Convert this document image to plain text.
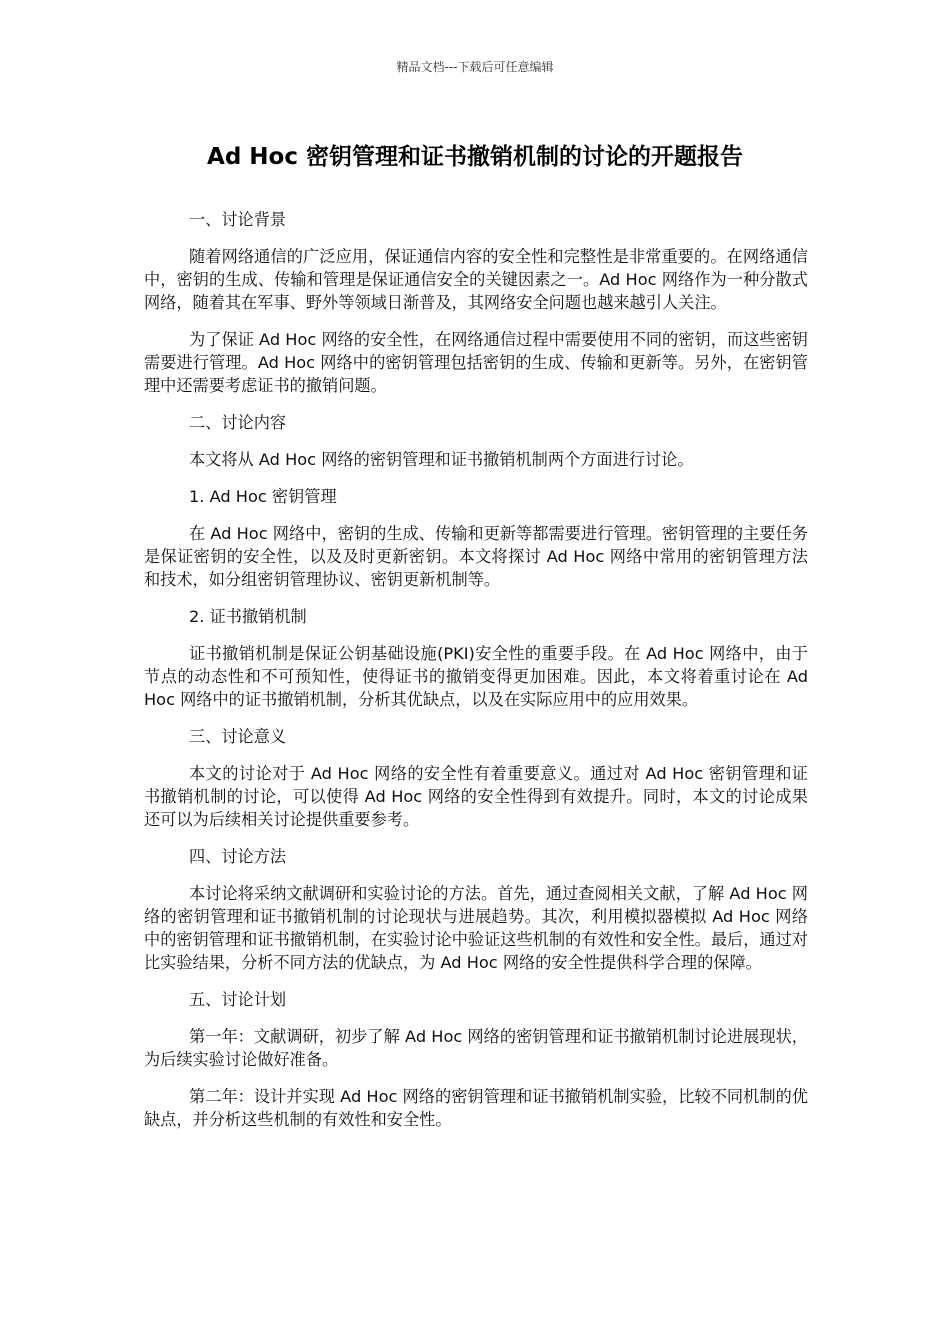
精品文档---下载后可任意编辑
Ad Hoc 密钥管理和证书撤销机制的讨论的开题报告
一、讨论背景
随着网络通信的广泛应用，保证通信内容的安全性和完整性是非常重要的。在网络通信中，密钥的生成、传输和管理是保证通信安全的关键因素之一。Ad Hoc 网络作为一种分散式网络，随着其在军事、野外等领域日渐普及，其网络安全问题也越来越引人关注。
为了保证 Ad Hoc 网络的安全性，在网络通信过程中需要使用不同的密钥，而这些密钥需要进行管理。Ad Hoc 网络中的密钥管理包括密钥的生成、传输和更新等。另外，在密钥管理中还需要考虑证书的撤销问题。
二、讨论内容
本文将从 Ad Hoc 网络的密钥管理和证书撤销机制两个方面进行讨论。
1. Ad Hoc 密钥管理
在 Ad Hoc 网络中，密钥的生成、传输和更新等都需要进行管理。密钥管理的主要任务是保证密钥的安全性，以及及时更新密钥。本文将探讨 Ad Hoc 网络中常用的密钥管理方法和技术，如分组密钥管理协议、密钥更新机制等。
2. 证书撤销机制
证书撤销机制是保证公钥基础设施(PKI)安全性的重要手段。在 Ad Hoc 网络中，由于节点的动态性和不可预知性，使得证书的撤销变得更加困难。因此，本文将着重讨论在 Ad Hoc 网络中的证书撤销机制，分析其优缺点，以及在实际应用中的应用效果。
三、讨论意义
本文的讨论对于 Ad Hoc 网络的安全性有着重要意义。通过对 Ad Hoc 密钥管理和证书撤销机制的讨论，可以使得 Ad Hoc 网络的安全性得到有效提升。同时，本文的讨论成果还可以为后续相关讨论提供重要参考。
四、讨论方法
本讨论将采纳文献调研和实验讨论的方法。首先，通过查阅相关文献，了解 Ad Hoc 网络的密钥管理和证书撤销机制的讨论现状与进展趋势。其次，利用模拟器模拟 Ad Hoc 网络中的密钥管理和证书撤销机制，在实验讨论中验证这些机制的有效性和安全性。最后，通过对比实验结果，分析不同方法的优缺点，为 Ad Hoc 网络的安全性提供科学合理的保障。
五、讨论计划
第一年：文献调研，初步了解 Ad Hoc 网络的密钥管理和证书撤销机制讨论进展现状，为后续实验讨论做好准备。
第二年：设计并实现 Ad Hoc 网络的密钥管理和证书撤销机制实验，比较不同机制的优缺点，并分析这些机制的有效性和安全性。
